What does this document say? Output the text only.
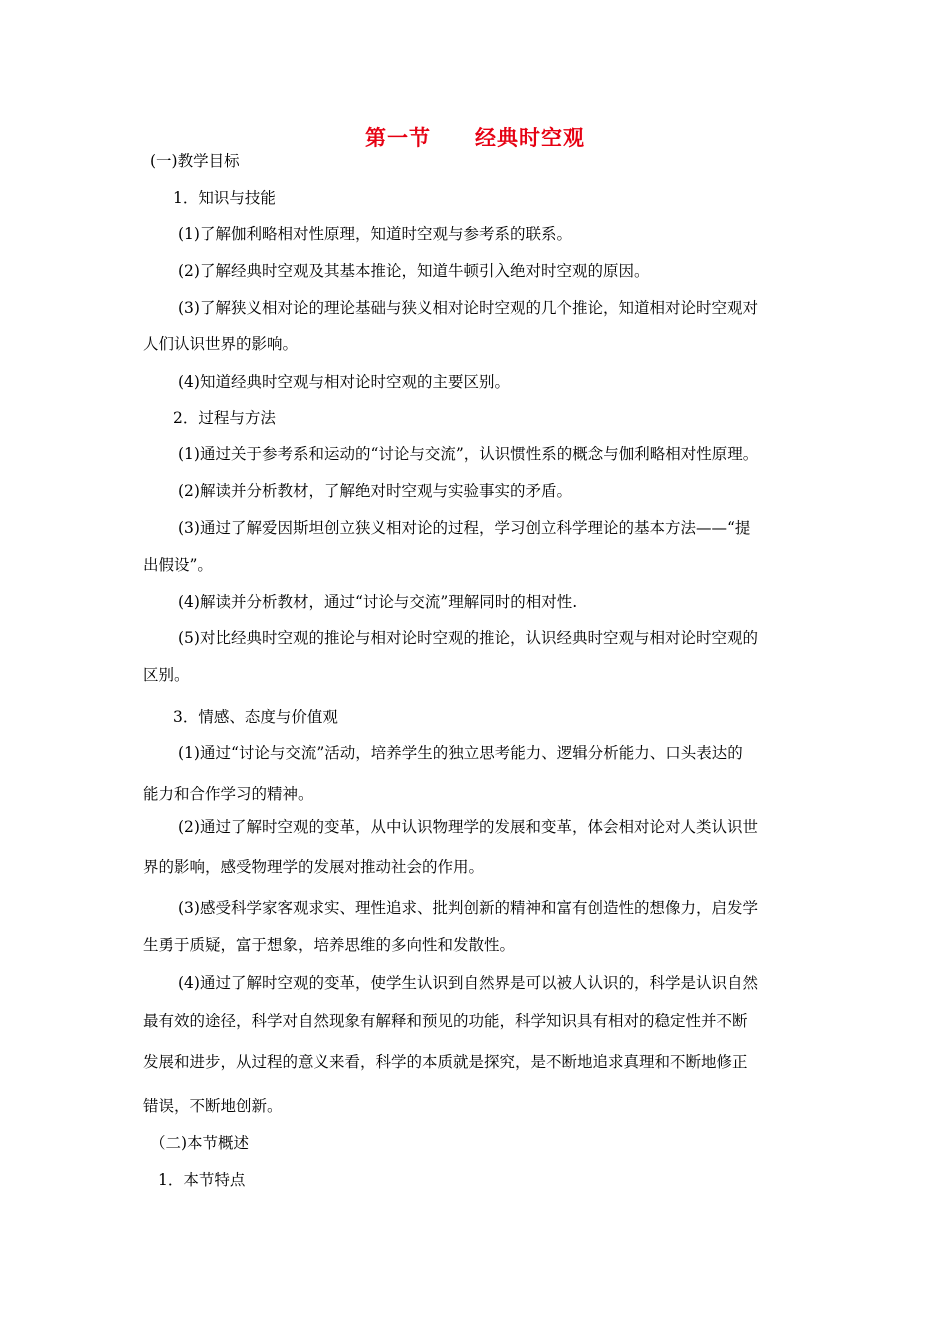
第一节　　经典时空观
(一)教学目标
1．知识与技能
(1)了解伽利略相对性原理，知道时空观与参考系的联系。
(2)了解经典时空观及其基本推论，知道牛顿引入绝对时空观的原因。
(3)了解狭义相对论的理论基础与狭义相对论时空观的几个推论，知道相对论时空观对
人们认识世界的影响。
(4)知道经典时空观与相对论时空观的主要区别。
2．过程与方法
(1)通过关于参考系和运动的“讨论与交流”，认识惯性系的概念与伽利略相对性原理。
(2)解读并分析教材，了解绝对时空观与实验事实的矛盾。
(3)通过了解爱因斯坦创立狭义相对论的过程，学习创立科学理论的基本方法——“提
出假设”。
(4)解读并分析教材，通过“讨论与交流”理解同时的相对性.
(5)对比经典时空观的推论与相对论时空观的推论，认识经典时空观与相对论时空观的
区别。
3．情感、态度与价值观
(1)通过“讨论与交流”活动，培养学生的独立思考能力、逻辑分析能力、口头表达的
能力和合作学习的精神。
(2)通过了解时空观的变革，从中认识物理学的发展和变革，体会相对论对人类认识世
界的影响，感受物理学的发展对推动社会的作用。
(3)感受科学家客观求实、理性追求、批判创新的精神和富有创造性的想像力，启发学
生勇于质疑，富于想象，培养思维的多向性和发散性。
(4)通过了解时空观的变革，使学生认识到自然界是可以被人认识的，科学是认识自然
最有效的途径，科学对自然现象有解释和预见的功能，科学知识具有相对的稳定性并不断
发展和进步，从过程的意义来看，科学的本质就是探究，是不断地追求真理和不断地修正
错误，不断地创新。
（二)本节概述
1．本节特点
